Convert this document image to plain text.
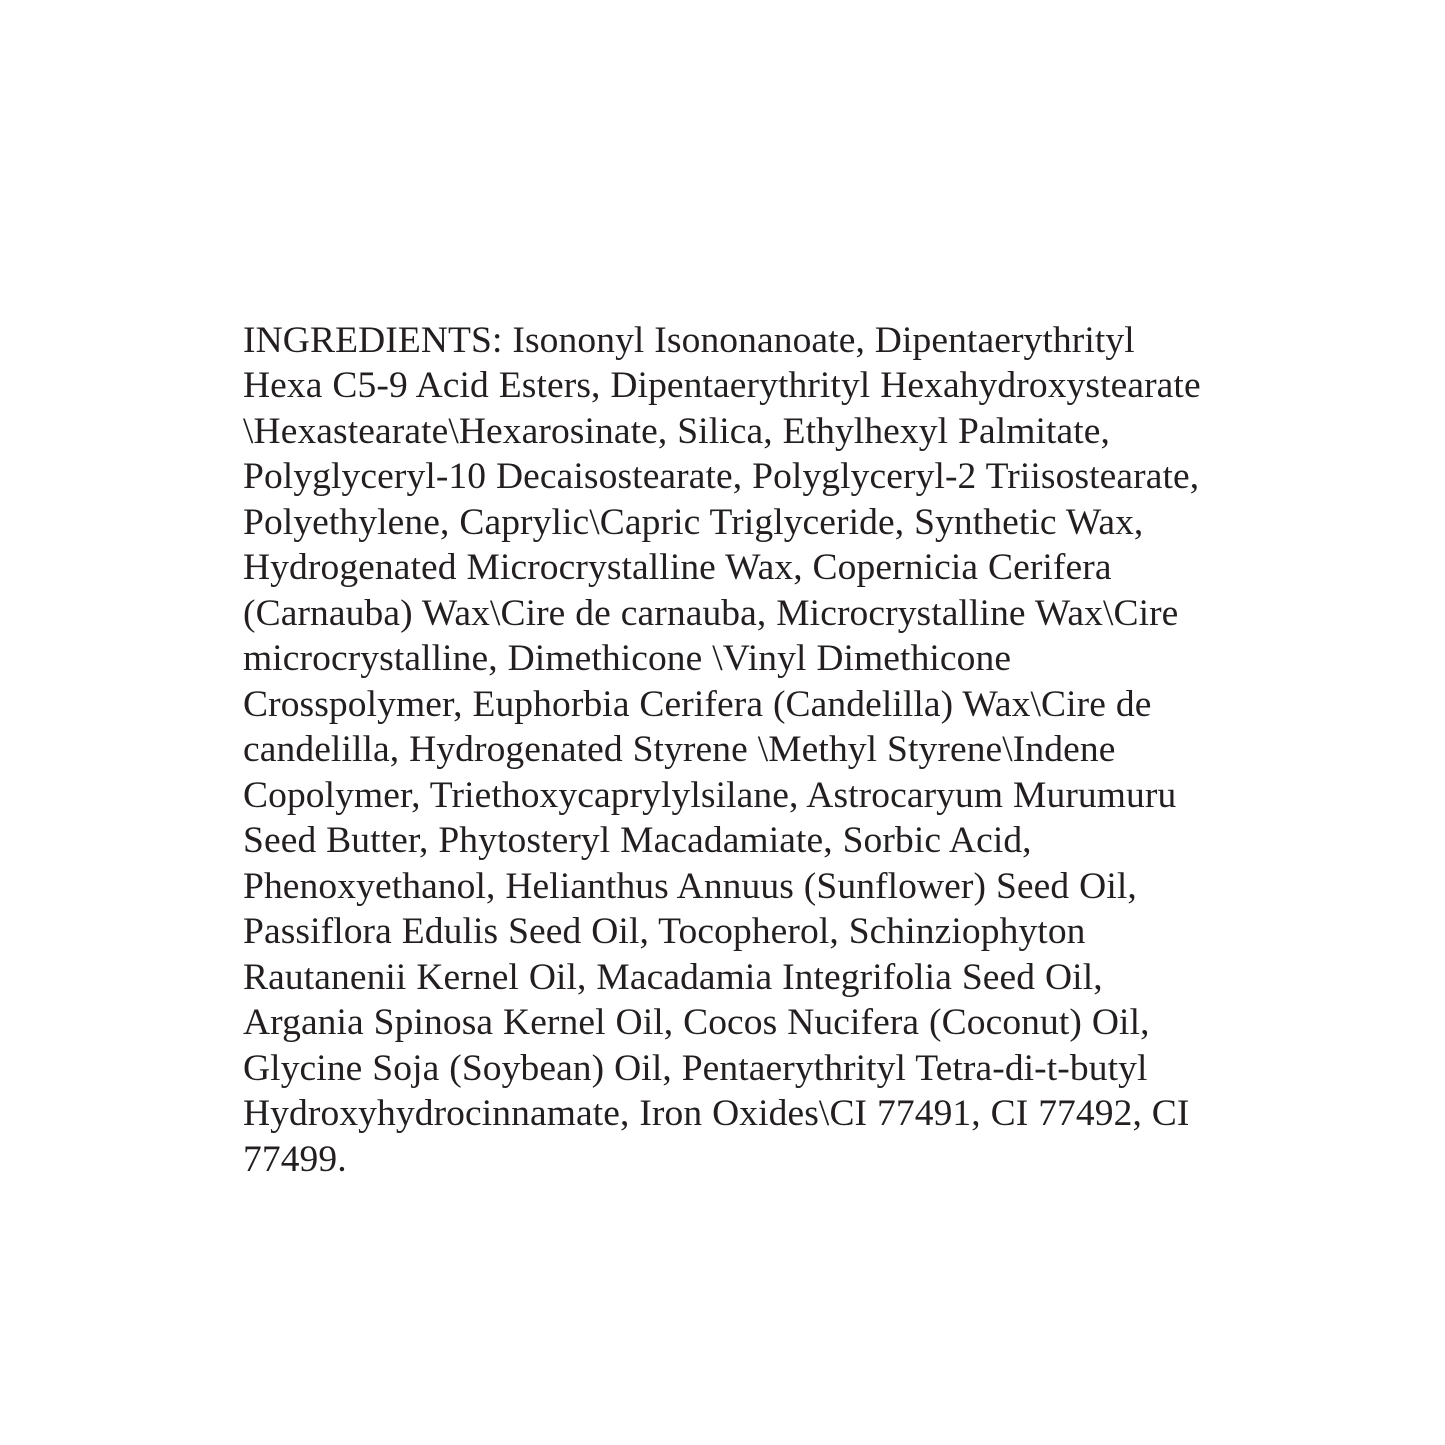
INGREDIENTS: Isononyl Isononanoate, Dipentaerythrityl Hexa C5-9 Acid Esters, Dipentaerythrityl Hexahydroxystearate \Hexastearate\Hexarosinate, Silica, Ethylhexyl Palmitate, Polyglyceryl-10 Decaisostearate, Polyglyceryl-2 Triisostearate, Polyethylene, Caprylic\Capric Triglyceride, Synthetic Wax, Hydrogenated Microcrystalline Wax, Copernicia Cerifera (Carnauba) Wax\Cire de carnauba, Microcrystalline Wax\Cire microcrystalline, Dimethicone \Vinyl Dimethicone Crosspolymer, Euphorbia Cerifera (Candelilla) Wax\Cire de candelilla, Hydrogenated Styrene \Methyl Styrene\Indene Copolymer, Triethoxycaprylylsilane, Astrocaryum Murumuru Seed Butter, Phytosteryl Macadamiate, Sorbic Acid, Phenoxyethanol, Helianthus Annuus (Sunflower) Seed Oil, Passiflora Edulis Seed Oil, Tocopherol, Schinziophyton Rautanenii Kernel Oil, Macadamia Integrifolia Seed Oil, Argania Spinosa Kernel Oil, Cocos Nucifera (Coconut) Oil, Glycine Soja (Soybean) Oil, Pentaerythrityl Tetra-di-t-butyl Hydroxyhydrocinnamate, Iron Oxides\CI 77491, CI 77492, CI 77499.
